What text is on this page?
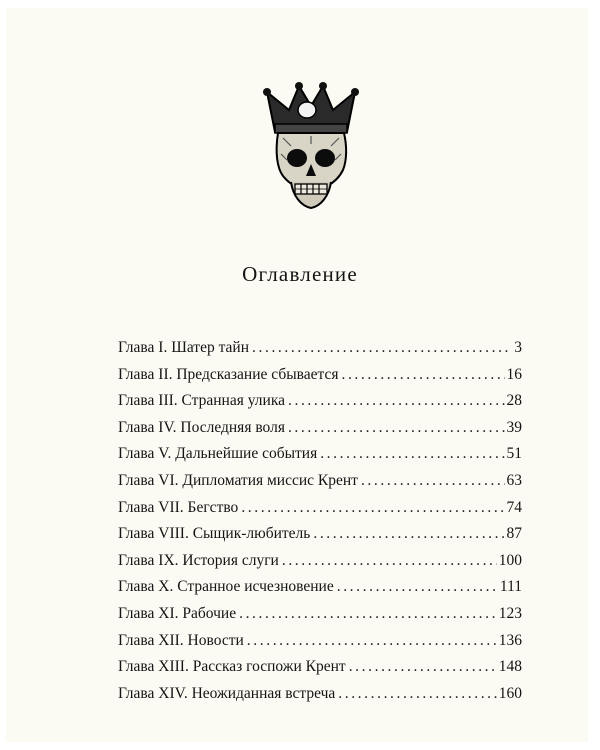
Оглавление
Глава I. Шатер тайн .....	3
Глава II. Предсказание сбывается .....	16
Глава III. Странная улика .....	28
Глава IV. Последняя воля .....	39
Глава V. Дальнейшие события .....	51
Глава VI. Дипломатия миссис Крент .....	63
Глава VII. Бегство .....	74
Глава VIII. Сыщик-любитель .....	87
Глава IX. История слуги .....	100
Глава X. Странное исчезновение .....	111
Глава XI. Рабочие .....	123
Глава XII. Новости .....	136
Глава XIII. Рассказ госпожи Крент .....	148
Глава XIV. Неожиданная встреча .....	160
